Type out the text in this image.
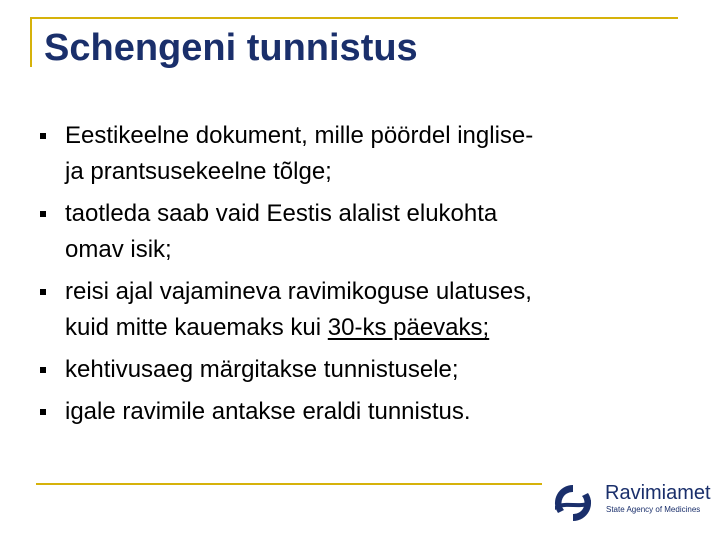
Schengeni tunnistus
Eestikeelne dokument, mille pöördel inglise-
ja prantsusekeelne tõlge;
taotleda saab vaid Eestis alalist elukohta
omav isik;
reisi ajal vajamineva ravimikoguse ulatuses,
kuid mitte kauemaks kui 30-ks päevaks;
kehtivusaeg märgitakse tunnistusele;
igale ravimile antakse eraldi tunnistus.
Ravimiamet
State Agency of Medicines
